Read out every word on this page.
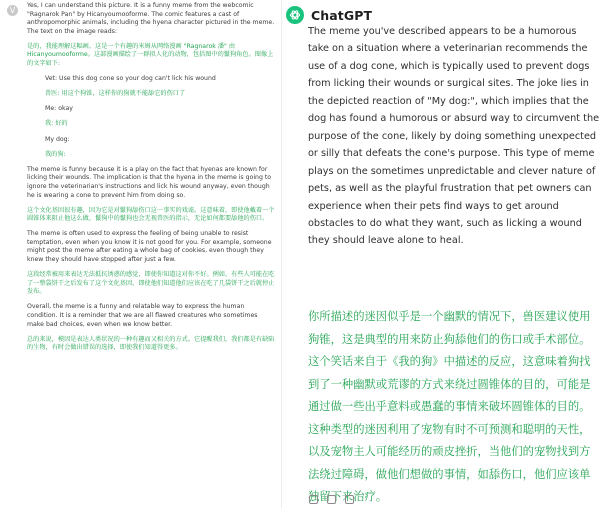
V

Yes, I can understand this picture. It is a funny meme from the webcomic "Ragnarok Pan" by Hicanyoumooforme. The comic features a cast of anthropomorphic animals, including the hyena character pictured in the meme. The text on the image reads:

是的，我能理解这幅画。这是一个有趣的米姆从网络漫画 "Ragnarok 潘" 由 Hicanyoumooforme。这部漫画描绘了一群拟人化的动物，包括图中的鬣狗角色。图像上的文字如下:

Vet: Use this dog cone so your dog can't lick his wound

兽医: 用这个狗锥，这样你的狗就不能舔它的伤口了

Me: okay

我: 好的

My dog:

我的狗:

The meme is funny because it is a play on the fact that hyenas are known for licking their wounds. The implication is that the hyena in the meme is going to ignore the veterinarian's instructions and lick his wound anyway, even though he is wearing a cone to prevent him from doing so.

这个文化基因很有趣，因为它是对鬣狗舔伤口这一事实的戏谑。这意味着，即使他戴着一个圆锥体来阻止他这么做，鬣狗中的鬣狗也会无视兽医的指示，无论如何都要舔他的伤口。

The meme is often used to express the feeling of being unable to resist temptation, even when you know it is not good for you. For example, someone might post the meme after eating a whole bag of cookies, even though they knew they should have stopped after just a few.

这段经常被用来表达无法抵抗诱惑的感觉，即使你知道这对你不好。例如，有些人可能在吃了一整袋饼干之后发布了这个文化基因，即使他们知道他们应该在吃了几袋饼干之后就停止发布。

Overall, the meme is a funny and relatable way to express the human condition. It is a reminder that we are all flawed creatures who sometimes make bad choices, even when we know better.

总的来说，模因是表达人类状况的一种有趣而又相关的方式。它提醒我们，我们都是有缺陷的生物，有时会做出错误的选择，即使我们知道得更多。

ChatGPT

The meme you've described appears to be a humorous take on a situation where a veterinarian recommends the use of a dog cone, which is typically used to prevent dogs from licking their wounds or surgical sites. The joke lies in the depicted reaction of "My dog:", which implies that the dog has found a humorous or absurd way to circumvent the purpose of the cone, likely by doing something unexpected or silly that defeats the cone's purpose. This type of meme plays on the sometimes unpredictable and clever nature of pets, as well as the playful frustration that pet owners can experience when their pets find ways to get around obstacles to do what they want, such as licking a wound they should leave alone to heal.

你所描述的迷因似乎是一个幽默的情况下，兽医建议使用狗锥，这是典型的用来防止狗舔他们的伤口或手术部位。这个笑话来自于《我的狗》中描述的反应，这意味着狗找到了一种幽默或荒谬的方式来绕过圆锥体的目的，可能是通过做一些出乎意料或愚蠢的事情来破坏圆锥体的目的。这种类型的迷因利用了宠物有时不可预测和聪明的天性，以及宠物主人可能经历的顽皮挫折，当他们的宠物找到方法绕过障碍，做他们想做的事情，如舔伤口，他们应该单独留下来治疗。
